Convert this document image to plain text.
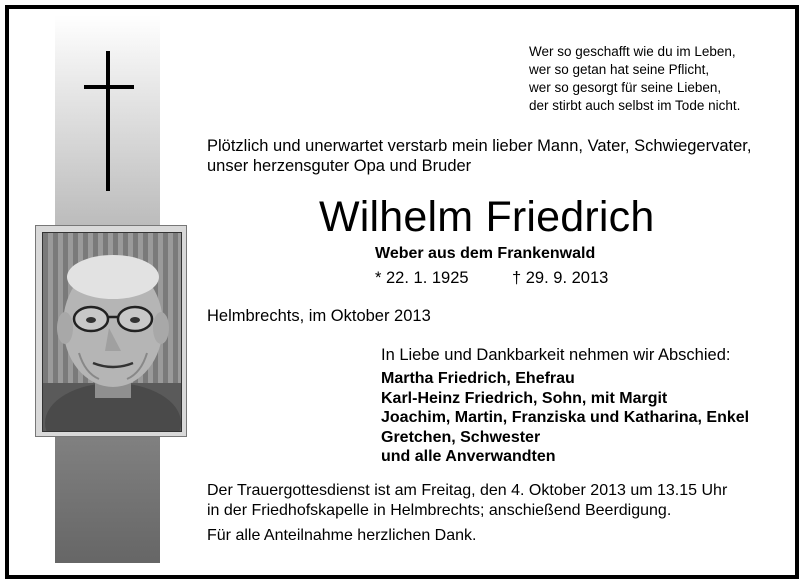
Wer so geschafft wie du im Leben,
wer so getan hat seine Pflicht,
wer so gesorgt für seine Lieben,
der stirbt auch selbst im Tode nicht.
Plötzlich und unerwartet verstarb mein lieber Mann, Vater, Schwiegervater,
unser herzensguter Opa und Bruder
Wilhelm Friedrich
Weber aus dem Frankenwald
* 22. 1. 1925	† 29. 9. 2013
Helmbrechts, im Oktober 2013
In Liebe und Dankbarkeit nehmen wir Abschied:
Martha Friedrich, Ehefrau
Karl-Heinz Friedrich, Sohn, mit Margit
Joachim, Martin, Franziska und Katharina, Enkel
Gretchen, Schwester
und alle Anverwandten
Der Trauergottesdienst ist am Freitag, den 4. Oktober 2013 um 13.15 Uhr
in der Friedhofskapelle in Helmbrechts; anschießend Beerdigung.
Für alle Anteilnahme herzlichen Dank.
